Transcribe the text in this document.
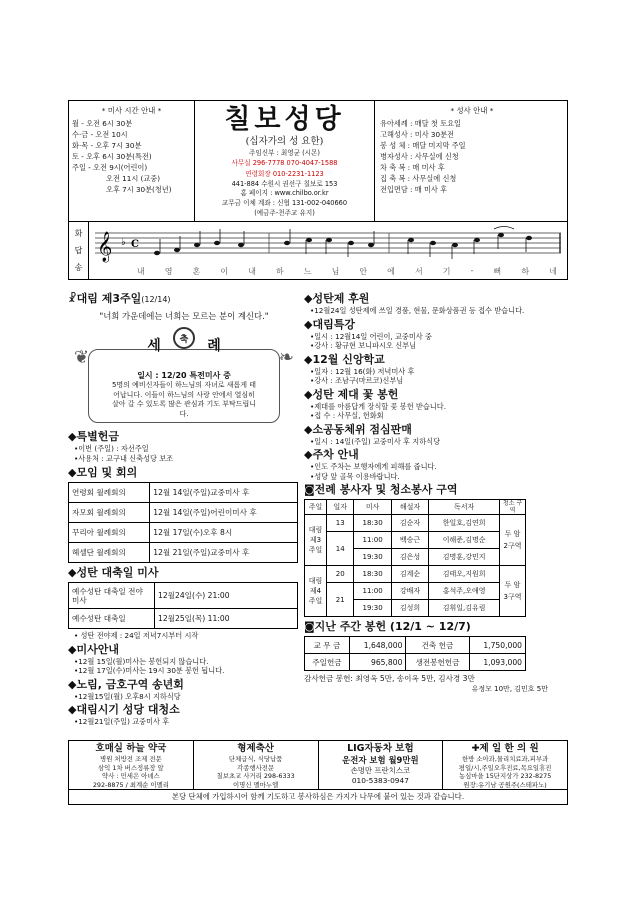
* 미사 시간 안내 *
월 - 오전 6시 30분
수·금 - 오전 10시
화·목 - 오후 7시 30분
토 - 오후 6시 30분(특전)
주일 - 오전 9시(어린이)
오전 11시 (교중)
오후 7시 30분(청년)
칠보성당
(십자가의 성 요한)
주임신부 : 최영균 (시몬)
사무실 296-7778 070-4047-1588
연령회장 010-2231-1123
441-884 수원시 권선구 칠보로 153
홈 페이지 : www.chilbo.or.kr
교무금 이체 계좌 : 신협 131-002-040660
(예금주-천주교 유지)
* 성사 안내 *
유아세례 : 매달 첫 토요일
고해성사 : 미사 30분전
봉 성 체 : 매달 미지막 주일
병자성사 : 사무실에 신청
차 축 복 : 매 미사 후
집 축 복 : 사무실에 신청
전입면담 : 매 미사 후
화
답
송
𝄞 ♭ C
내	영	혼	이	내	하	느	님	안	에	서	기	-	뻐	하	네
☧대림 제3주일(12/14)
"너희 가운데에는 너희는 모르는 분이 계신다."
❦	❧
일시 : 12/20 특전미사 중
5명의 예비신자들이 하느님의 자녀로 새롭게 태어납니다. 이들이 하느님의 사랑 안에서 열심히 살아 갈 수 있도록 많은 관심과 기도 부탁드립니다.
세	례
축
◆특별헌금
•이번 (주일) : 자선주일
•사용처 : 교구내 신축성당 보조
◆모임 및 회의
연령회 월례회의	12월 14일(주일)교중미사 후
자모회 월례회의	12월 14일(주일)어린이미사 후
꾸리아 월례회의	12월 17일(수)오후 8시
헤셀단 월례회의	12월 21일(주일)교중미사 후
◆성탄 대축일 미사
예수성탄 대축일 전야 미사	12월24일(수) 21:00
예수성탄 대축일	12월25일(목) 11:00
• 성탄 전야제 : 24일 저녁7시부터 시작
◆미사안내
•12월 15일(월)미사는 봉헌되지 않습니다.
•12월 17일(수)미사는 19시 30분 봉헌 됩니다.
◆노림, 금호구역 송년회
•12월15일(월) 오후8시 지하식당
◆대림시기 성당 대청소
•12월21일(주일) 교중미사 후
◆성탄제 후원
•12월24일 성탄제에 쓰일 경품, 현물, 문화상품권 등 접수 받습니다.
◆대림특강
•일시 : 12월14일 어린이, 교중미사 중
•강사 : 황규현 보니파시오 신부님
◆12월 신앙학교
•일자 : 12월 16(화) 저녁미사 후
•강사 : 조남구(마르코)신부님
◆성탄 제대 꽃 봉헌
•제대를 아름답게 장식할 꽃 봉헌 받습니다.
•접 수 : 사무실, 헌화회
◆소공동체위 점심판매
•일시 : 14일(주일) 교중미사 후 지하식당
◆주차 안내
•인도 주차는 보행자에게 피해를 줍니다.
•성당 앞 골목 이용바랍니다.
◙전례 봉사자 및 청소봉사 구역
주일	일자	미사	해설자	독서자	청소 구역
대림 제3 주일	13	18:30	김순자	한일호,김연희	두 암 2구역
	14	11:00	백승근	이해준,김명순	
		19:30	김은성	김명훈,강민지	
대림 제4 주일	20	18:30	김계순	김태오,지원희	두 암 3구역
	21	11:00	강배자	홍석주,오애영	
		19:30	김성희	김휘일,김유림	
◙지난 주간 봉헌 (12/1 ~ 12/7)
교 무 금	1,648,000	건축 헌금	1,750,000
주일헌금	965,800	생전봉헌헌금	1,093,000
감사헌금 봉헌: 최영옥 5만, 송이옥 5만, 김사경 3만
유정모 10만, 김민호 5만
호매실 하늘 약국
병원 처방전 조제 전문
삼익 1차 버스정류장 앞
약사 : 민세은 아녜스
292-8875 / 최계순 이멜리
형제축산
단체급식, 식당납품
각종행사전문
칠보초교 사거리 298-6333
이명신 멜마누엘
LIG자동차 보험
운전자 보험 월9만원
손명만 프란치스코
010-5383-0947
✚제 일 한 의 원
한방 소아과,물리치료과,피부과
평일/시,주일오후진료,목요일휴진
농심마을 15단지상가 232-8275
원장:유기남 공원주(스테파노)
본당 단체에 가입하시어 함께 기도하고 봉사하심은 가지가 나무에 붙어 있는 것과 같습니다.
